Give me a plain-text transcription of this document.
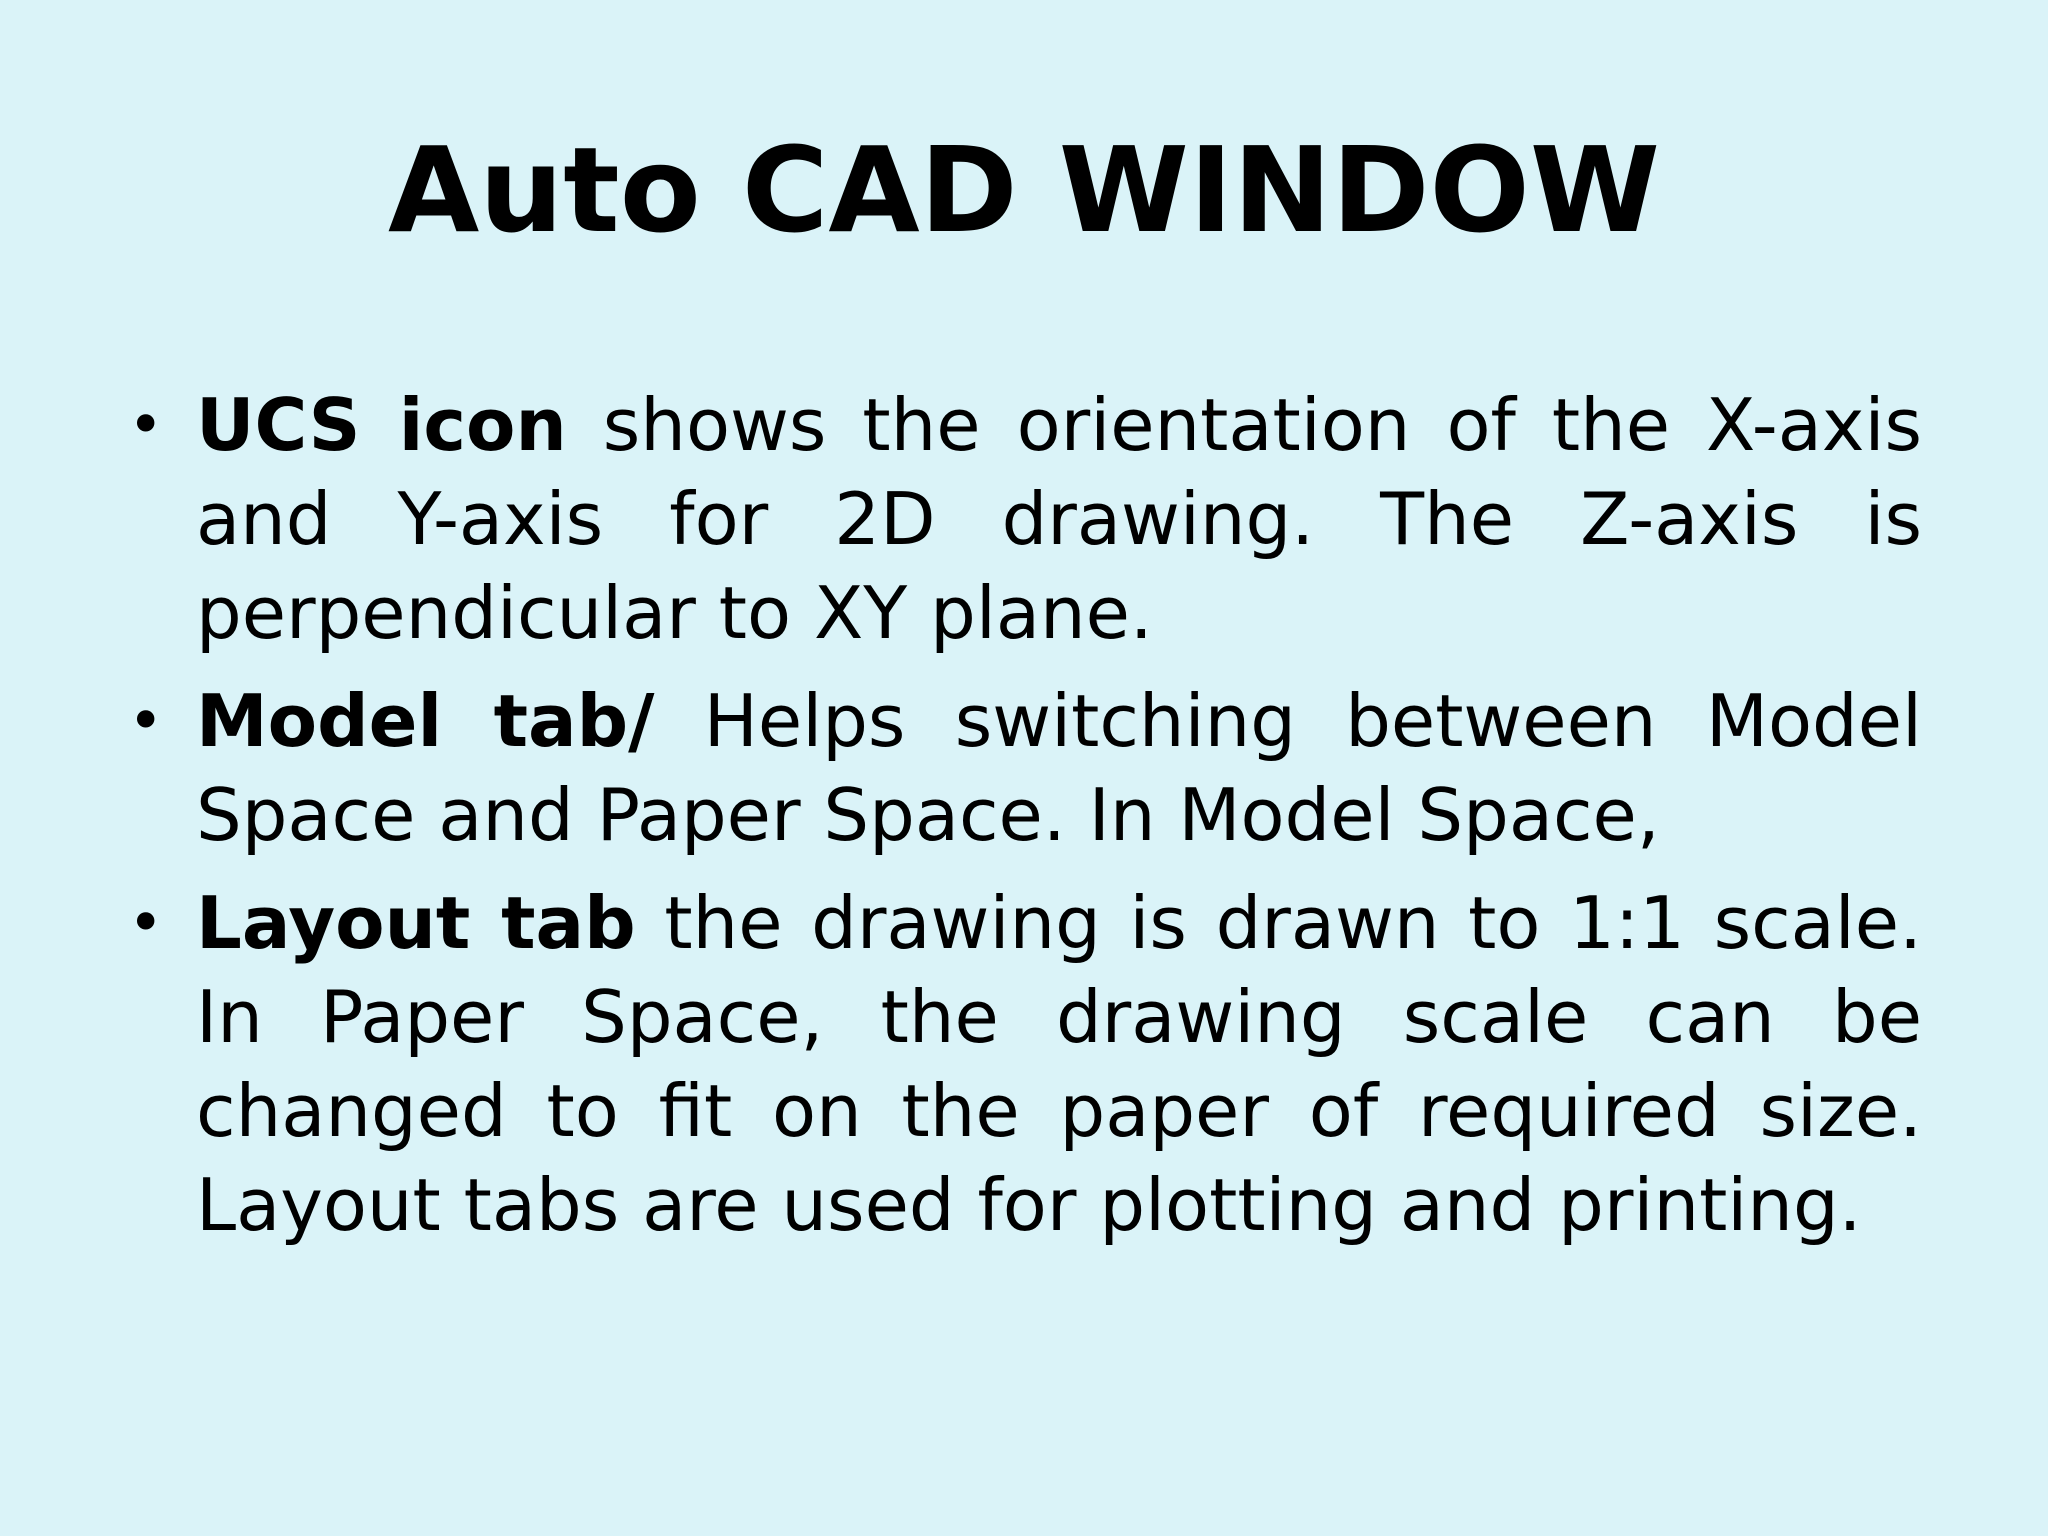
Auto CAD WINDOW
• UCS icon shows the orientation of the X-axis and Y-axis for 2D drawing. The Z-axis is perpendicular to XY plane.
• Model tab/ Helps switching between Model Space and Paper Space. In Model Space,
• Layout tab the drawing is drawn to 1:1 scale. In Paper Space, the drawing scale can be changed to fit on the paper of required size. Layout tabs are used for plotting and printing.
